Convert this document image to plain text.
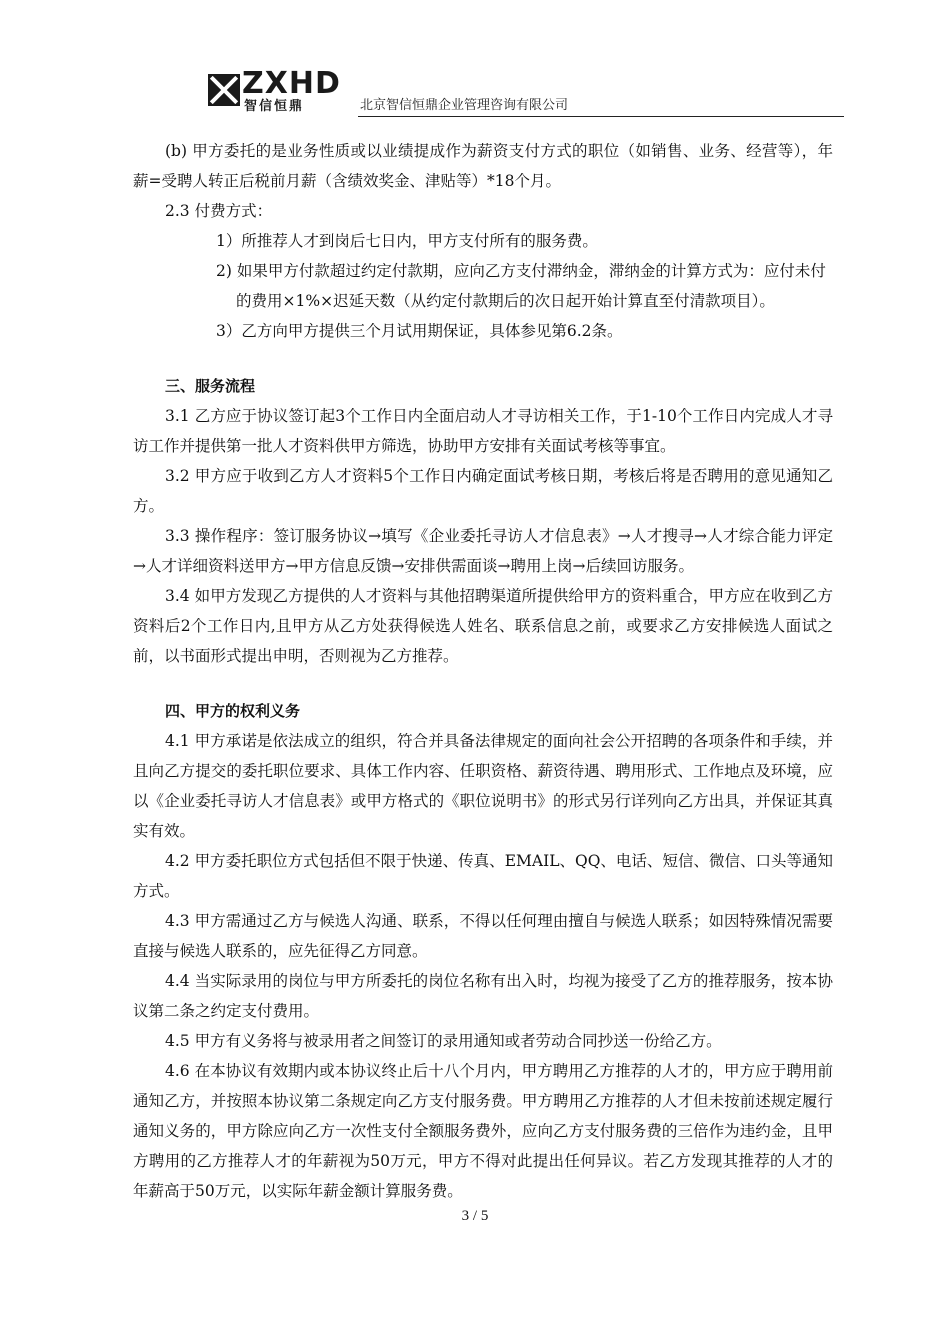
ZXHD
智信恒鼎	北京智信恒鼎企业管理咨询有限公司

(b) 甲方委托的是业务性质或以业绩提成作为薪资支付方式的职位（如销售、业务、经营等），年薪=受聘人转正后税前月薪（含绩效奖金、津贴等）*18个月。

2.3 付费方式：

1）所推荐人才到岗后七日内，甲方支付所有的服务费。

2) 如果甲方付款超过约定付款期，应向乙方支付滞纳金，滞纳金的计算方式为：应付未付的费用×1%×迟延天数（从约定付款期后的次日起开始计算直至付清款项目）。

3）乙方向甲方提供三个月试用期保证，具体参见第6.2条。

三、服务流程

3.1 乙方应于协议签订起3个工作日内全面启动人才寻访相关工作，于1-10个工作日内完成人才寻访工作并提供第一批人才资料供甲方筛选，协助甲方安排有关面试考核等事宜。

3.2 甲方应于收到乙方人才资料5个工作日内确定面试考核日期，考核后将是否聘用的意见通知乙方。

3.3 操作程序：签订服务协议→填写《企业委托寻访人才信息表》→人才搜寻→人才综合能力评定→人才详细资料送甲方→甲方信息反馈→安排供需面谈→聘用上岗→后续回访服务。

3.4 如甲方发现乙方提供的人才资料与其他招聘渠道所提供给甲方的资料重合，甲方应在收到乙方资料后2个工作日内,且甲方从乙方处获得候选人姓名、联系信息之前，或要求乙方安排候选人面试之前，以书面形式提出申明，否则视为乙方推荐。

四、甲方的权利义务

4.1 甲方承诺是依法成立的组织，符合并具备法律规定的面向社会公开招聘的各项条件和手续，并且向乙方提交的委托职位要求、具体工作内容、任职资格、薪资待遇、聘用形式、工作地点及环境，应以《企业委托寻访人才信息表》或甲方格式的《职位说明书》的形式另行详列向乙方出具，并保证其真实有效。

4.2 甲方委托职位方式包括但不限于快递、传真、EMAIL、QQ、电话、短信、微信、口头等通知方式。

4.3 甲方需通过乙方与候选人沟通、联系，不得以任何理由擅自与候选人联系；如因特殊情况需要直接与候选人联系的，应先征得乙方同意。

4.4 当实际录用的岗位与甲方所委托的岗位名称有出入时，均视为接受了乙方的推荐服务，按本协议第二条之约定支付费用。

4.5 甲方有义务将与被录用者之间签订的录用通知或者劳动合同抄送一份给乙方。

4.6 在本协议有效期内或本协议终止后十八个月内，甲方聘用乙方推荐的人才的，甲方应于聘用前通知乙方，并按照本协议第二条规定向乙方支付服务费。甲方聘用乙方推荐的人才但未按前述规定履行通知义务的，甲方除应向乙方一次性支付全额服务费外，应向乙方支付服务费的三倍作为违约金，且甲方聘用的乙方推荐人才的年薪视为50万元，甲方不得对此提出任何异议。若乙方发现其推荐的人才的年薪高于50万元，以实际年薪金额计算服务费。

3 / 5
